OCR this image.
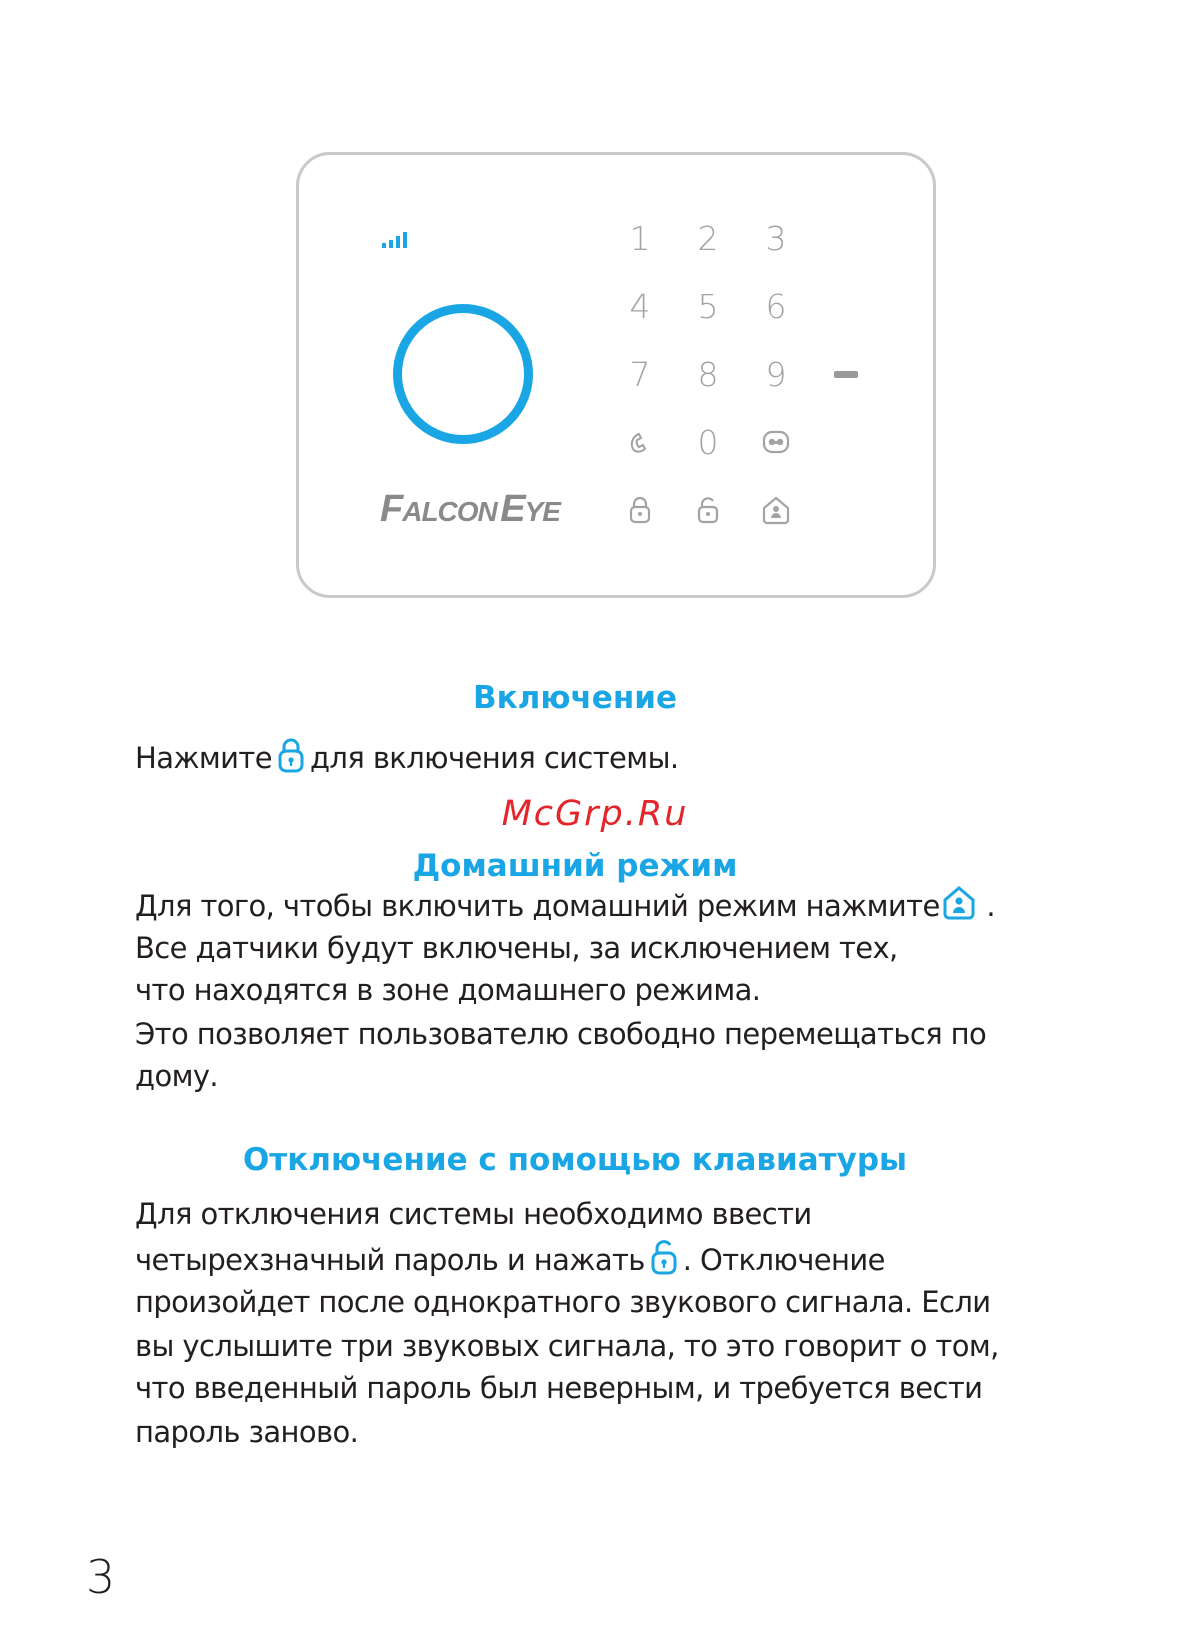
FALCON EYE
1 2 3
4 5 6
7 8 9
0
Включение
Нажмите для включения системы.
McGrp.Ru
Домашний режим
Для того, чтобы включить домашний режим нажмите .
Все датчики будут включены, за исключением тех,
что находятся в зоне домашнего режима.
Это позволяет пользователю свободно перемещаться по
дому.
Отключение с помощью клавиатуры
Для отключения системы необходимо ввести
четырехзначный пароль и нажать . Отключение
произойдет после однократного звукового сигнала. Если
вы услышите три звуковых сигнала, то это говорит о том,
что введенный пароль был неверным, и требуется вести
пароль заново.
3
